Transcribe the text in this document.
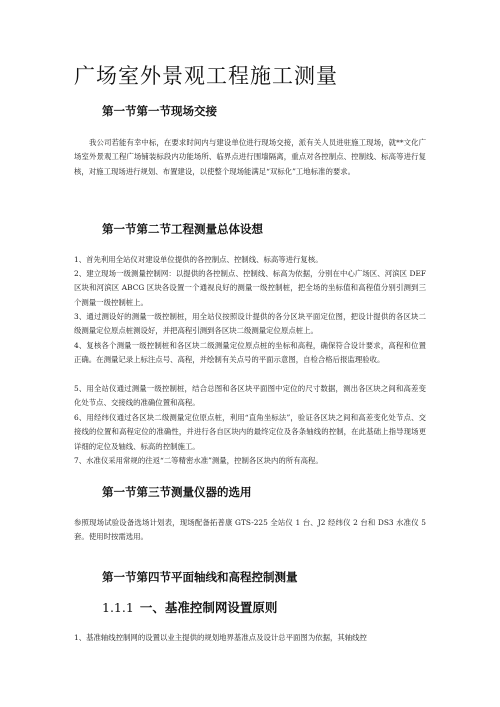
广场室外景观工程施工测量
第一节第一节现场交接

我公司若能有幸中标，在要求时间内与建设单位进行现场交接，派有关人员进驻施工现场，就**文化广场室外景观工程广场铺装标段内功能场所、临界点进行围墙隔离，重点对各控制点、控制线、标高等进行复核，对施工现场进行规划、布置建设，以使整个现场能满足“双标化”工地标准的要求。

第一节第二节工程测量总体设想

1、首先利用全站仪对建设单位提供的各控制点、控制线、标高等进行复核。

2、建立现场一级测量控制网：以提供的各控制点、控制线、标高为依据，分别在中心广场区、河滨区 DEF 区块和河滨区 ABCG 区块各设置一个通视良好的测量一级控制桩，把全场的坐标值和高程值分别引测到三个测量一级控制桩上。

3、通过测设好的测量一级控制桩，用全站仪按照设计提供的各分区块平面定位图，把设计提供的各区块二级测量定位原点桩测设好，并把高程引测到各区块二级测量定位原点桩上。

4、复核各个测量一级控制桩和各区块二级测量定位原点桩的坐标和高程，确保符合设计要求，高程和位置正确。在测量记录上标注点号、高程，并绘制有关点号的平面示意图，自检合格后报监理验收。

5、用全站仪通过测量一级控制桩，结合总图和各区块平面图中定位的尺寸数据，测出各区块之间和高差变化处节点、交接线的准确位置和高程。

6、用经纬仪通过各区块二级测量定位原点桩，利用“直角坐标法”，验证各区块之间和高差变化处节点、交接线的位置和高程定位的准确性，并进行各自区块内的最终定位及各条轴线的控制，在此基础上指导现场更详细的定位及轴线、标高的控制施工。

7、水准仪采用常规的往返“二等精密水准”测量，控制各区块内的所有高程。

第一节第三节测量仪器的选用

参照现场试验设备选场计划表，现场配备拓普康 GTS-225 全站仪 1 台、J2 经纬仪 2 台和 DS3 水准仪 5 套。使用时按需选用。

第一节第四节平面轴线和高程控制测量
1.1.1 一、基准控制网设置原则

1、基准轴线控制网的设置以业主提供的规划地界基准点及设计总平面图为依据，其轴线控
